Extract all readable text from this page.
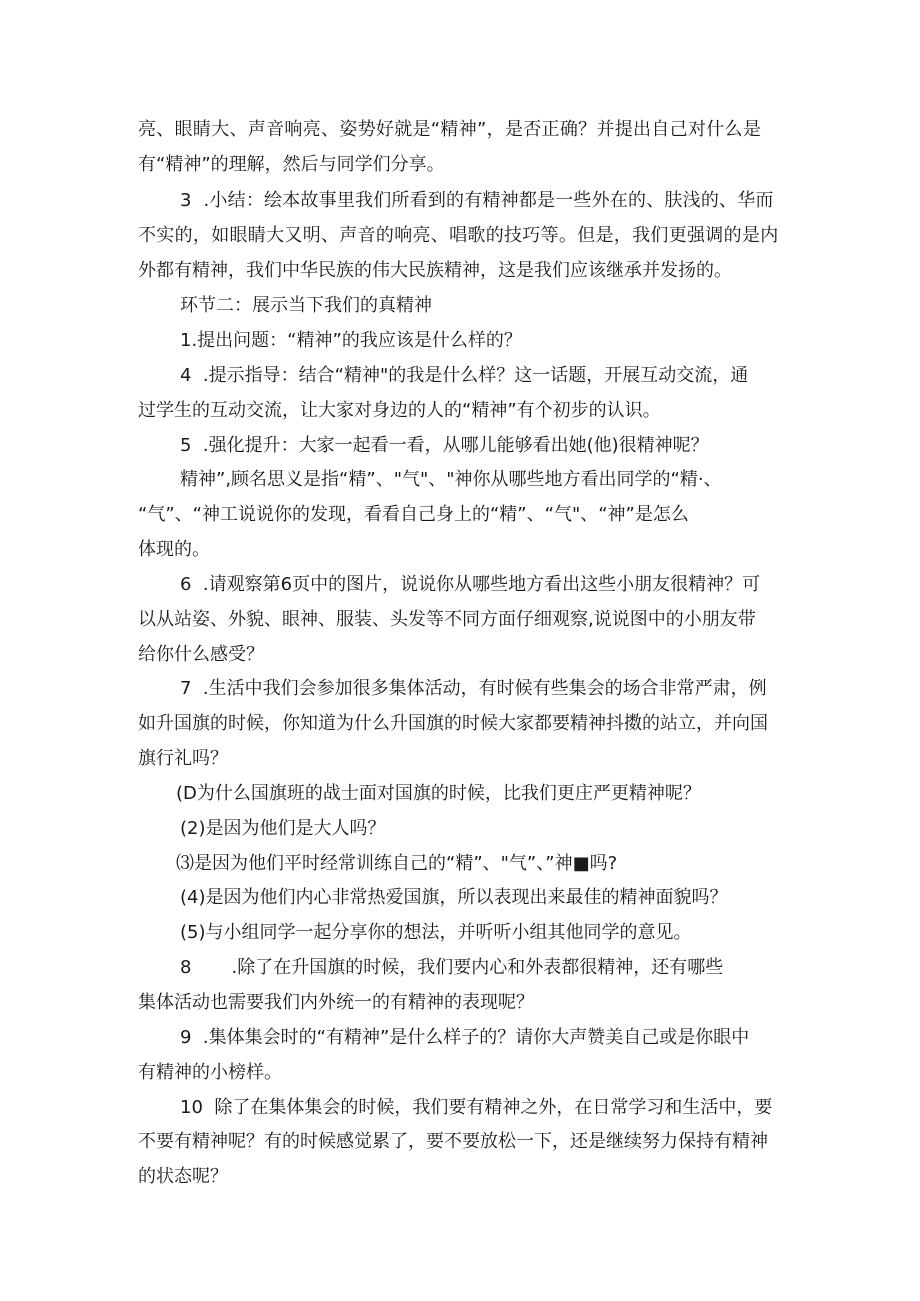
亮、眼睛大、声音响亮、姿势好就是“精神”，是否正确？并提出自己对什么是

有“精神”的理解，然后与同学们分享。

3  .小结：绘本故事里我们所看到的有精神都是一些外在的、肤浅的、华而

不实的，如眼睛大又明、声音的响亮、唱歌的技巧等。但是，我们更强调的是内

外都有精神，我们中华民族的伟大民族精神，这是我们应该继承并发扬的。

环节二：展示当下我们的真精神

1.提出问题：“精神”的我应该是什么样的？

4  .提示指导：结合“精神"的我是什么样？这一话题，开展互动交流，通

过学生的互动交流，让大家对身边的人的“精神”有个初步的认识。

5  .强化提升：大家一起看一看，从哪儿能够看出她(他)很精神呢？

精神”,顾名思义是指“精”、"气"、"神你从哪些地方看出同学的“精·、

“气”、“神工说说你的发现，看看自己身上的“精”、“气"、“神”是怎么

体现的。

6  .请观察第6页中的图片，说说你从哪些地方看出这些小朋友很精神？可

以从站姿、外貌、眼神、服装、头发等不同方面仔细观察,说说图中的小朋友带

给你什么感受？

7  .生活中我们会参加很多集体活动，有时候有些集会的场合非常严肃，例

如升国旗的时候，你知道为什么升国旗的时候大家都要精神抖擞的站立，并向国

旗行礼吗？

(D为什么国旗班的战士面对国旗的时候，比我们更庄严更精神呢？

(2)是因为他们是大人吗？

⑶是因为他们平时经常训练自己的“精”、"气”、”神■吗?

(4)是因为他们内心非常热爱国旗，所以表现出来最佳的精神面貌吗？

(5)与小组同学一起分享你的想法，并听听小组其他同学的意见。

8       .除了在升国旗的时候，我们要内心和外表都很精神，还有哪些

集体活动也需要我们内外统一的有精神的表现呢？

9  .集体集会时的“有精神”是什么样子的？请你大声赞美自己或是你眼中

有精神的小榜样。

10  除了在集体集会的时候，我们要有精神之外，在日常学习和生活中，要

不要有精神呢？有的时候感觉累了，要不要放松一下，还是继续努力保持有精神

的状态呢？
